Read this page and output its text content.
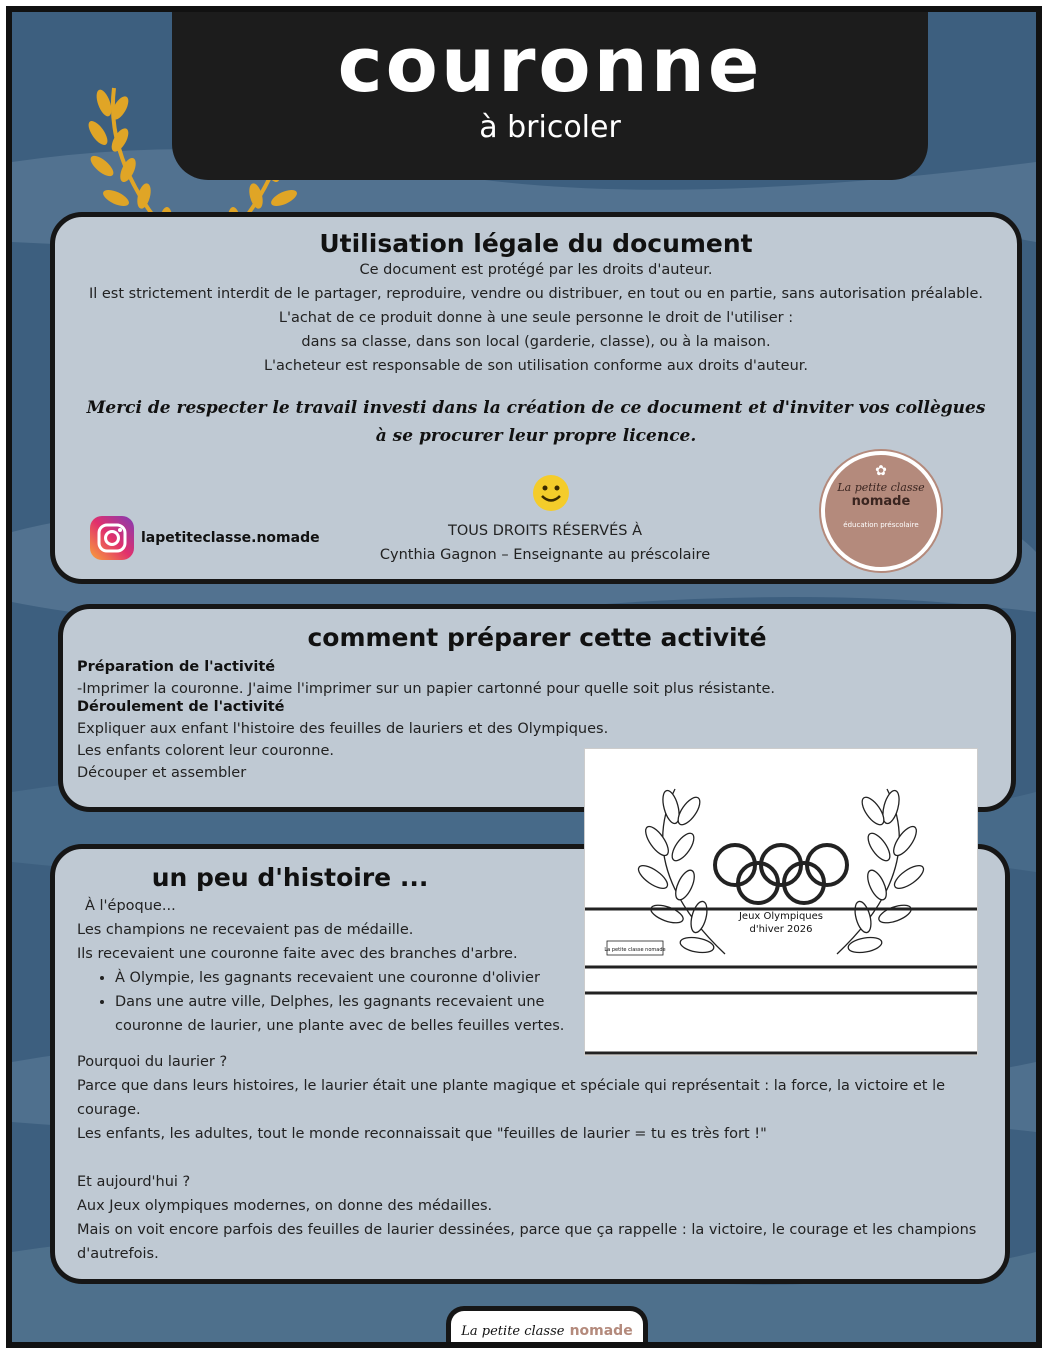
couronne
à bricoler
Utilisation légale du document
Ce document est protégé par les droits d'auteur.
Il est strictement interdit de le partager, reproduire, vendre ou distribuer, en tout ou en partie, sans autorisation préalable.
L'achat de ce produit donne à une seule personne le droit de l'utiliser :
dans sa classe, dans son local (garderie, classe), ou à la maison.
L'acheteur est responsable de son utilisation conforme aux droits d'auteur.
Merci de respecter le travail investi dans la création de ce document et d'inviter vos collègues
à se procurer leur propre licence.
lapetiteclasse.nomade	TOUS DROITS RÉSERVÉS À
Cynthia Gagnon – Enseignante au préscolaire
✿
La petite classe
nomade
éducation préscolaire
comment préparer cette activité
Préparation de l'activité
-Imprimer la couronne. J'aime l'imprimer sur un papier cartonné pour quelle soit plus résistante.
Déroulement de l'activité
Expliquer aux enfant l'histoire des feuilles de lauriers et des Olympiques.
Les enfants colorent leur couronne.
Découper et assembler
un peu d'histoire ...
À l'époque...
Les champions ne recevaient pas de médaille.
Ils recevaient une couronne faite avec des branches d'arbre.
• À Olympie, les gagnants recevaient une couronne d'olivier
• Dans une autre ville, Delphes, les gagnants recevaient une couronne de laurier, une plante avec de belles feuilles vertes.
Pourquoi du laurier ?
Parce que dans leurs histoires, le laurier était une plante magique et spéciale qui représentait : la force, la victoire et le courage.
Les enfants, les adultes, tout le monde reconnaissait que "feuilles de laurier = tu es très fort !"
Et aujourd'hui ?
Aux Jeux olympiques modernes, on donne des médailles.
Mais on voit encore parfois des feuilles de laurier dessinées, parce que ça rappelle : la victoire, le courage et les champions d'autrefois.
Jeux Olympiques
d'hiver 2026
La petite classe nomade
La petite classe nomade
